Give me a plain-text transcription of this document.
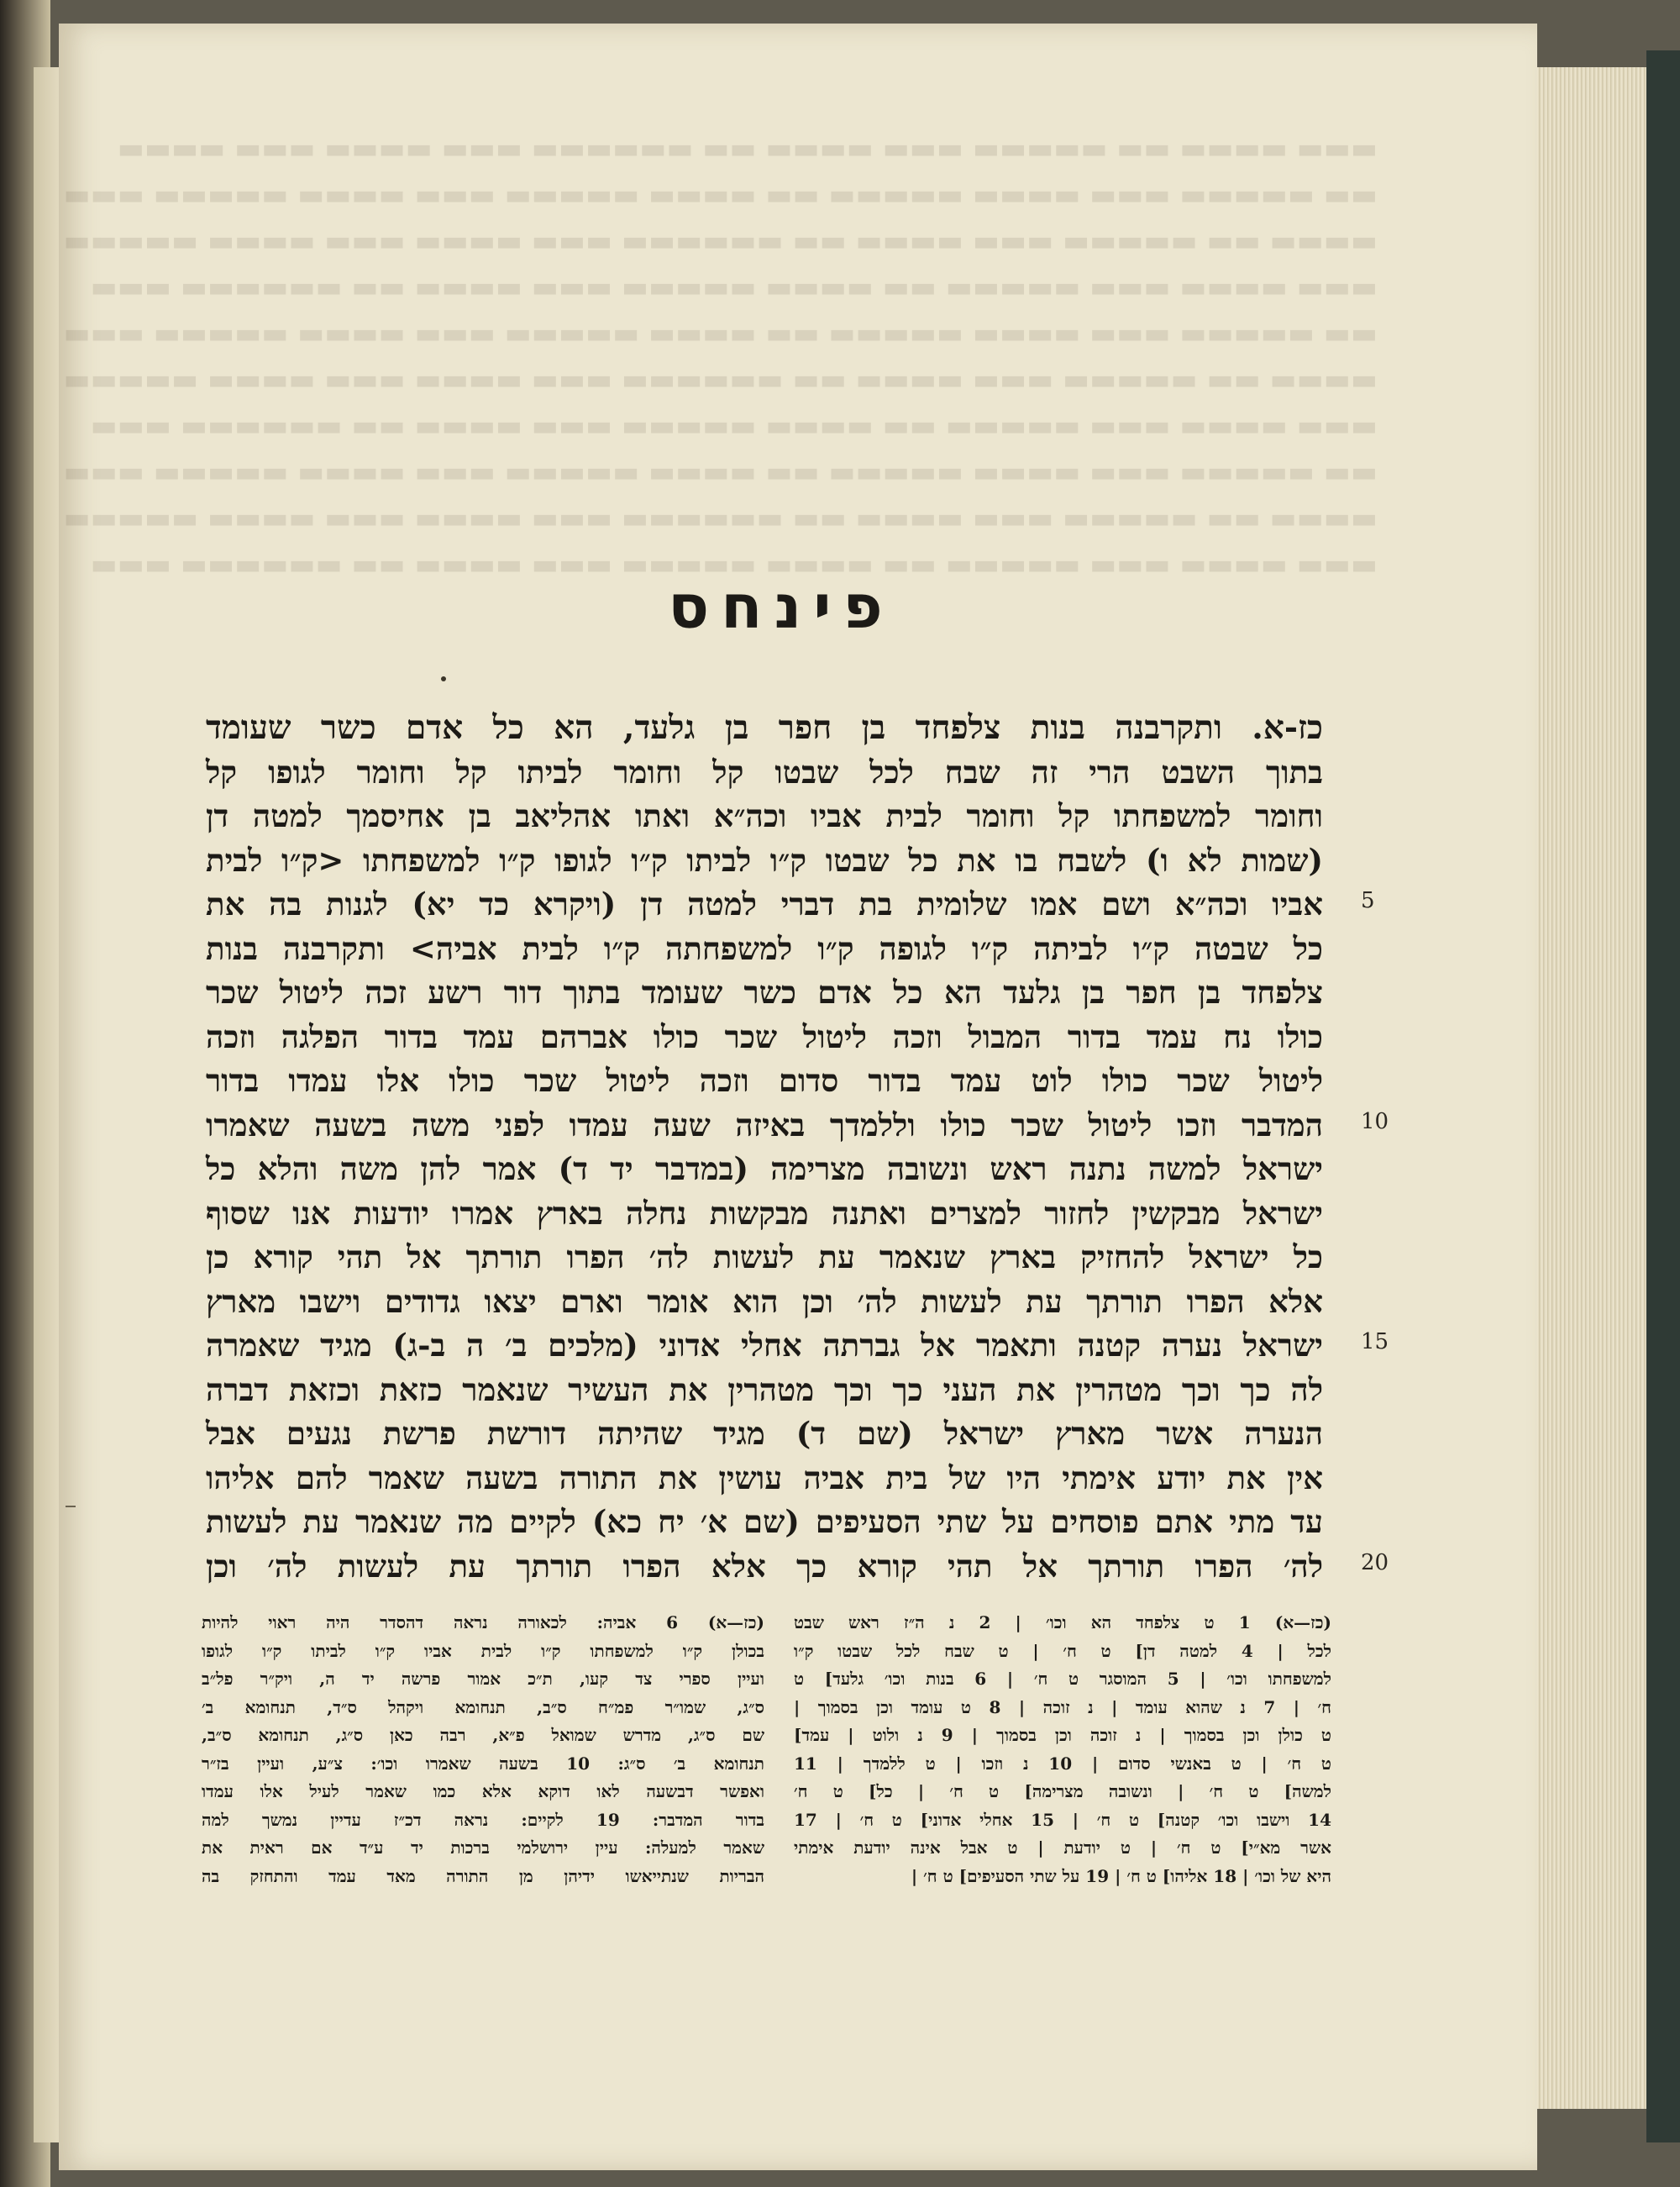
▬▬▬ ▬▬▬▬ ▬▬ ▬▬▬▬▬ ▬▬▬ ▬▬▬▬ ▬▬ ▬▬▬▬▬▬ ▬▬▬ ▬▬▬▬ ▬▬▬ ▬▬▬▬
▬▬ ▬▬▬▬▬ ▬▬▬ ▬▬▬▬ ▬▬▬▬▬ ▬▬ ▬▬▬▬ ▬▬▬▬▬ ▬▬▬ ▬▬▬▬ ▬▬▬▬▬ ▬▬▬
▬▬▬▬ ▬▬ ▬▬▬▬▬ ▬▬▬ ▬▬▬▬ ▬▬ ▬▬▬▬▬▬ ▬▬▬ ▬▬▬▬ ▬▬▬ ▬▬▬▬ ▬▬▬▬▬
▬▬▬ ▬▬▬▬ ▬▬▬ ▬▬▬▬▬ ▬▬ ▬▬▬▬ ▬▬▬▬▬ ▬▬▬ ▬▬▬▬ ▬▬ ▬▬▬▬▬▬ ▬▬▬
▬▬ ▬▬▬▬▬ ▬▬▬ ▬▬▬▬ ▬▬▬▬▬ ▬▬ ▬▬▬▬ ▬▬▬▬▬ ▬▬▬ ▬▬▬▬ ▬▬▬▬▬ ▬▬▬
▬▬▬▬ ▬▬ ▬▬▬▬▬ ▬▬▬ ▬▬▬▬ ▬▬ ▬▬▬▬▬▬ ▬▬▬ ▬▬▬▬ ▬▬▬ ▬▬▬▬ ▬▬▬▬▬
▬▬▬ ▬▬▬▬ ▬▬▬ ▬▬▬▬▬ ▬▬ ▬▬▬▬ ▬▬▬▬▬ ▬▬▬ ▬▬▬▬ ▬▬ ▬▬▬▬▬▬ ▬▬▬
▬▬ ▬▬▬▬▬ ▬▬▬ ▬▬▬▬ ▬▬▬▬▬ ▬▬ ▬▬▬▬ ▬▬▬▬▬ ▬▬▬ ▬▬▬▬ ▬▬▬▬▬ ▬▬▬
▬▬▬▬ ▬▬ ▬▬▬▬▬ ▬▬▬ ▬▬▬▬ ▬▬ ▬▬▬▬▬▬ ▬▬▬ ▬▬▬▬ ▬▬▬ ▬▬▬▬ ▬▬▬▬▬
▬▬▬ ▬▬▬▬ ▬▬▬ ▬▬▬▬▬ ▬▬ ▬▬▬▬ ▬▬▬▬▬ ▬▬▬ ▬▬▬▬ ▬▬ ▬▬▬▬▬▬ ▬▬▬
פינחס
כז-א. ותקרבנה בנות צלפחד בן חפר בן גלעד, הא כל אדם כשר שעומד
בתוך השבט הרי זה שבח לכל שבטו קל וחומר לביתו קל וחומר לגופו קל
וחומר למשפחתו קל וחומר לבית אביו וכה״א ואתו אהליאב בן אחיסמך למטה דן
(שמות לא ו) לשבח בו את כל שבטו ק״ו לביתו ק״ו לגופו ק״ו למשפחתו <ק״ו לבית
אביו וכה״א ושם אמו שלומית בת דברי למטה דן (ויקרא כד יא) לגנות בה את
כל שבטה ק״ו לביתה ק״ו לגופה ק״ו למשפחתה ק״ו לבית אביה> ותקרבנה בנות
צלפחד בן חפר בן גלעד הא כל אדם כשר שעומד בתוך דור רשע זכה ליטול שכר
כולו נח עמד בדור המבול וזכה ליטול שכר כולו אברהם עמד בדור הפלגה וזכה
ליטול שכר כולו לוט עמד בדור סדום וזכה ליטול שכר כולו אלו עמדו בדור
המדבר וזכו ליטול שכר כולו וללמדך באיזה שעה עמדו לפני משה בשעה שאמרו
ישראל למשה נתנה ראש ונשובה מצרימה (במדבר יד ד) אמר להן משה והלא כל
ישראל מבקשין לחזור למצרים ואתנה מבקשות נחלה בארץ אמרו יודעות אנו שסוף
כל ישראל להחזיק בארץ שנאמר עת לעשות לה׳ הפרו תורתך אל תהי קורא כן
אלא הפרו תורתך עת לעשות לה׳ וכן הוא אומר וארם יצאו גדודים וישבו מארץ
ישראל נערה קטנה ותאמר אל גברתה אחלי אדוני (מלכים ב׳ ה ב-ג) מגיד שאמרה
לה כך וכך מטהרין את העני כך וכך מטהרין את העשיר שנאמר כזאת וכזאת דברה
הנערה אשר מארץ ישראל (שם ד) מגיד שהיתה דורשת פרשת נגעים אבל
אין את יודע אימתי היו של בית אביה עושין את התורה בשעה שאמר להם אליהו
עד מתי אתם פוסחים על שתי הסעיפים (שם א׳ יח כא) לקיים מה שנאמר עת לעשות
לה׳ הפרו תורתך אל תהי קורא כך אלא הפרו תורתך עת לעשות לה׳ וכן
5
10
15
20
(כז—א) 1 ט צלפחד הא וכו׳ | 2 נ ה״ז ראש שבט
לכל | 4 למטה דן] ט ח׳ | ט שבח לכל שבטו ק״ו
למשפחתו וכו׳ | 5 המוסגר ט ח׳ | 6 בנות וכו׳ גלעד] ט
ח׳ | 7 נ שהוא עומד | נ זוכה | 8 ט עומד וכן בסמוך |
ט כולן וכן בסמוך | נ זוכה וכן בסמוך | 9 נ ולוט | עמד]
ט ח׳ | ט באנשי סדום | 10 נ וזכו | ט ללמדך | 11
למשה] ט ח׳ | ונשובה מצרימה] ט ח׳ | כל] ט ח׳
14 וישבו וכו׳ קטנה] ט ח׳ | 15 אחלי אדוני] ט ח׳ | 17
אשר מא״י] ט ח׳ | ט יודעת | ט אבל אינה יודעת אימתי
היא של וכו׳ | 18 אליהו] ט ח׳ | 19 על שתי הסעיפים] ט ח׳ |
(כז—א) 6 אביה: לכאורה נראה דהסדר היה ראוי להיות
בכולן ק״ו למשפחתו ק״ו לבית אביו ק״ו לביתו ק״ו לגופו
ועיין ספרי צד קעו, ת״כ אמור פרשה יד ה, ויק״ר פל״ב
ס״ג, שמו״ר פמ״ח ס״ב, תנחומא ויקהל ס״ד, תנחומא ב׳
שם ס״ג, מדרש שמואל פ״א, רבה כאן ס״ג, תנחומא ס״ב,
תנחומא ב׳ ס״ג: 10 בשעה שאמרו וכו׳: צ״ע, ועיין בז״ר
ואפשר דבשעה לאו דוקא אלא כמו שאמר לעיל אלו עמדו
בדור המדבר: 19 לקיים: נראה דכ״ז עדיין נמשך למה
שאמר למעלה: עיין ירושלמי ברכות יד ע״ד אם ראית את
הבריות שנתייאשו ידיהן מן התורה מאד עמד והתחזק בה
